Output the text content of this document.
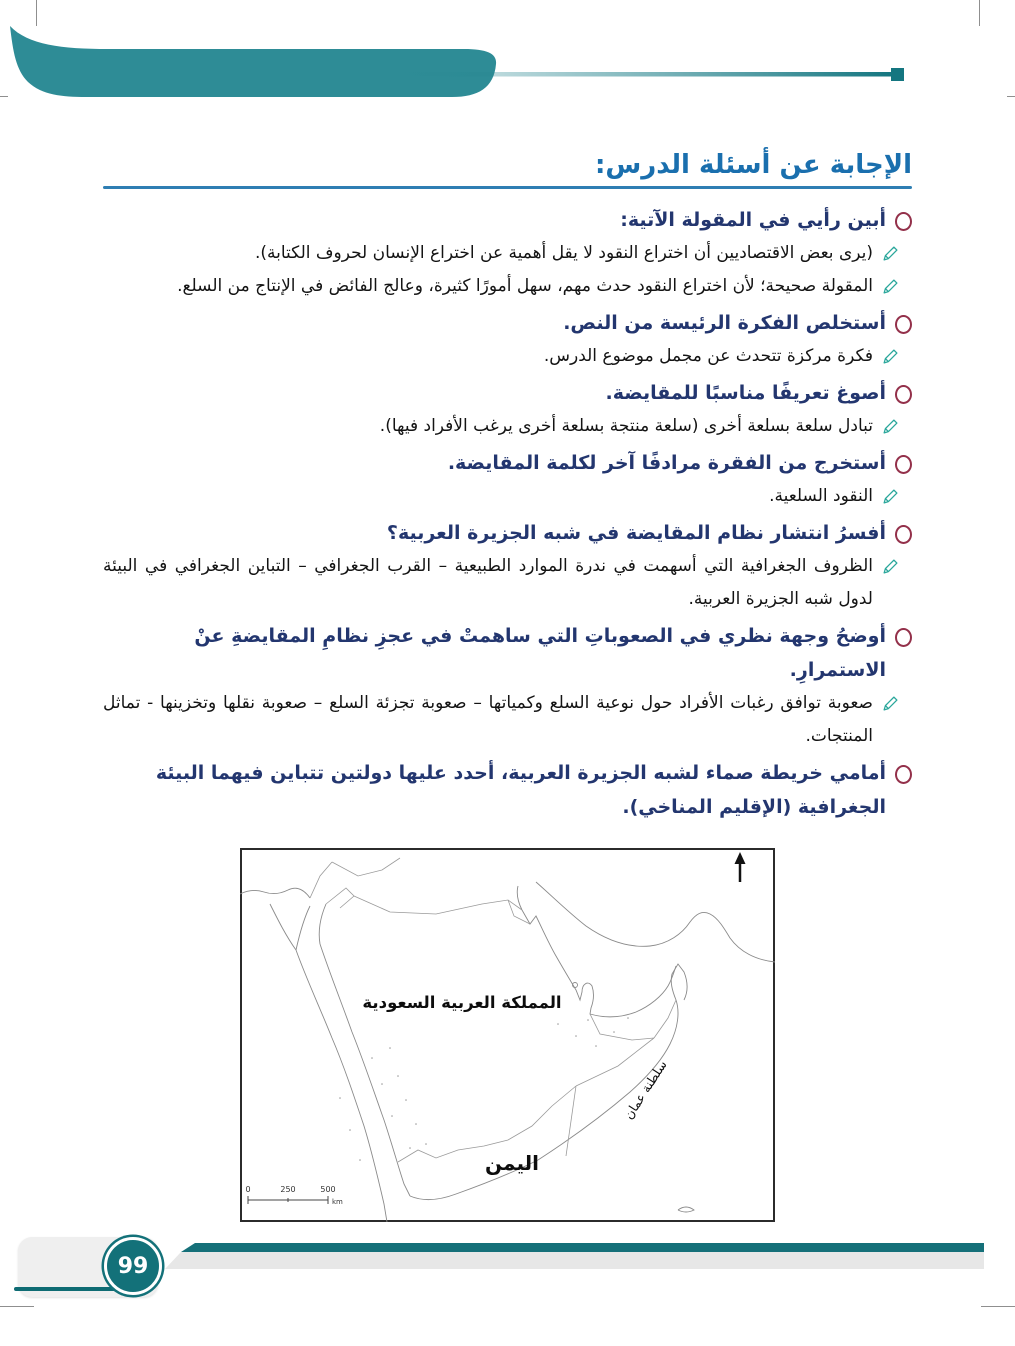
الإجابة عن أسئلة الدرس:

أبين رأيي في المقولة الآتية:

(يرى بعض الاقتصاديين أن اختراع النقود لا يقل أهمية عن اختراع الإنسان لحروف الكتابة).

المقولة صحيحة؛ لأن اختراع النقود حدث مهم، سهل أمورًا كثيرة، وعالج الفائض في الإنتاج من السلع.

أستخلص الفكرة الرئيسة من النص.

فكرة مركزة تتحدث عن مجمل موضوع الدرس.

أصوغ تعريفًا مناسبًا للمقايضة.

تبادل سلعة بسلعة أخرى (سلعة منتجة بسلعة أخرى يرغب الأفراد فيها).

أستخرج من الفقرة مرادفًا آخر لكلمة المقايضة.

النقود السلعية.

أفسرُ انتشار نظام المقايضة في شبه الجزيرة العربية؟

الظروف الجغرافية التي أسهمت في ندرة الموارد الطبيعية – القرب الجغرافي – التباين الجغرافي في البيئة لدول شبه الجزيرة العربية.

أوضحُ وجهة نظري في الصعوباتِ التي ساهمتْ في عجزِ نظامِ المقايضةِ عنْ الاستمرارِ.

صعوبة توافق رغبات الأفراد حول نوعية السلع وكمياتها – صعوبة تجزئة السلع – صعوبة نقلها وتخزينها - تماثل المنتجات.

أمامي خريطة صماء لشبه الجزيرة العربية، أحدد عليها دولتين تتباين فيهما البيئة الجغرافية (الإقليم المناخي).

المملكة العربية السعودية
اليمن
سلطنة عمان
0	250	500
km
99
